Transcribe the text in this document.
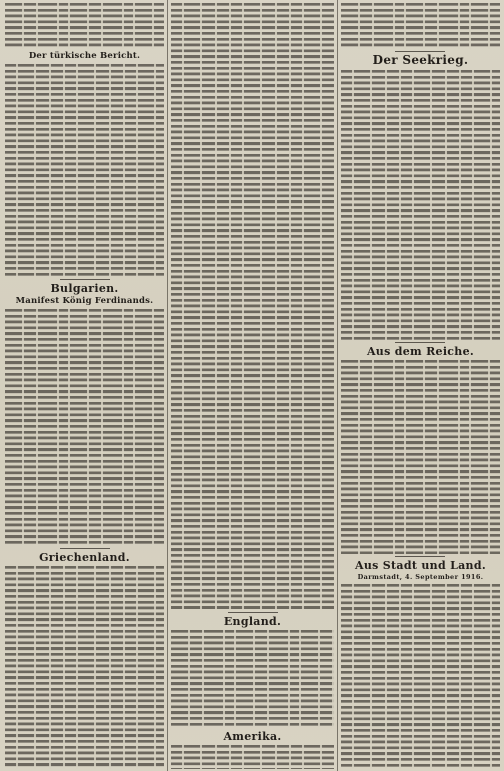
Der türkische Bericht.
Bulgarien.
Manifest König Ferdinands.
Griechenland.
England.
Amerika.
Der Seekrieg.
Aus dem Reiche.
Aus Stadt und Land.
Darmstadt, 4. September 1916.
